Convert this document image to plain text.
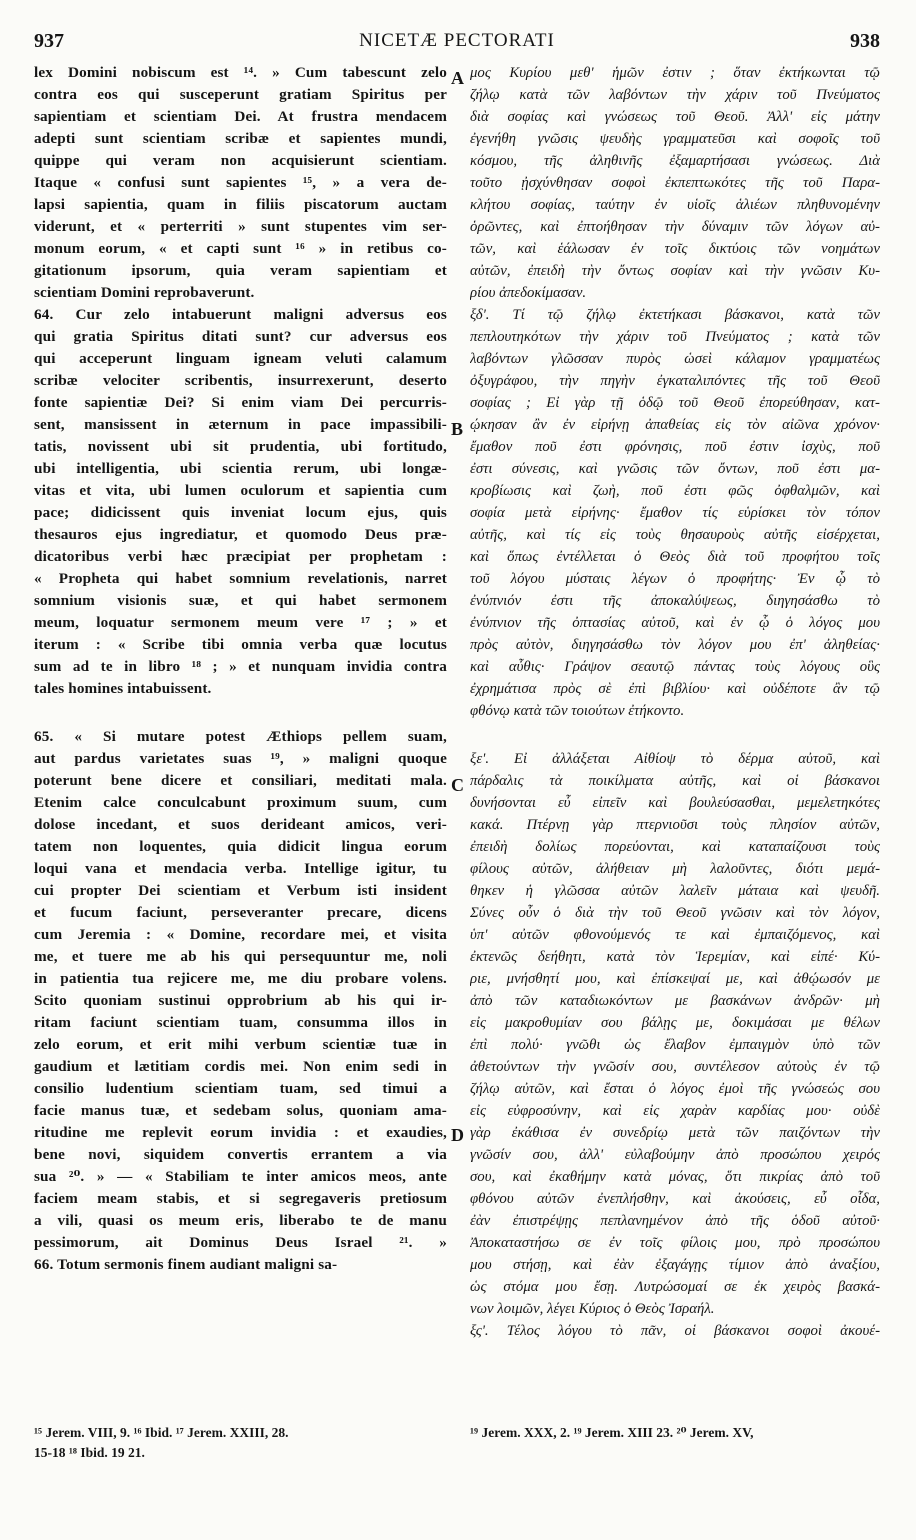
937	NICETÆ PECTORATI	938
lex Domini nobiscum est ¹⁴. » Cum tabescunt zelo
contra eos qui susceperunt gratiam Spiritus per
sapientiam et scientiam Dei. At frustra mendacem
adepti sunt scientiam scribæ et sapientes mundi,
quippe qui veram non acquisierunt scientiam.
Itaque « confusi sunt sapientes ¹⁵, » a vera de-
lapsi sapientia, quam in filiis piscatorum auctam
viderunt, et « perterriti » sunt stupentes vim ser-
monum eorum, « et capti sunt ¹⁶ » in retibus co-
gitationum ipsorum, quia veram sapientiam et
scientiam Domini reprobaverunt.
64. Cur zelo intabuerunt maligni adversus eos
qui gratia Spiritus ditati sunt? cur adversus eos
qui acceperunt linguam igneam veluti calamum
scribæ velociter scribentis, insurrexerunt, deserto
fonte sapientiæ Dei? Si enim viam Dei percurris-
sent, mansissent in æternum in pace impassibili-
tatis, novissent ubi sit prudentia, ubi fortitudo,
ubi intelligentia, ubi scientia rerum, ubi longæ-
vitas et vita, ubi lumen oculorum et sapientia cum
pace; didicissent quis inveniat locum ejus, quis
thesauros ejus ingrediatur, et quomodo Deus præ-
dicatoribus verbi hæc præcipiat per prophetam :
« Propheta qui habet somnium revelationis, narret
somnium visionis suæ, et qui habet sermonem
meum, loquatur sermonem meum vere ¹⁷ ; » et
iterum : « Scribe tibi omnia verba quæ locutus
sum ad te in libro ¹⁸ ; » et nunquam invidia contra
tales homines intabuissent.
65. « Si mutare potest Æthiops pellem suam,
aut pardus varietates suas ¹⁹, » maligni quoque
poterunt bene dicere et consiliari, meditati mala.
Etenim calce conculcabunt proximum suum, cum
dolose incedant, et suos derideant amicos, veri-
tatem non loquentes, quia didicit lingua eorum
loqui vana et mendacia verba. Intellige igitur, tu
cui propter Dei scientiam et Verbum isti insident
et fucum faciunt, perseveranter precare, dicens
cum Jeremia : « Domine, recordare mei, et visita
me, et tuere me ab his qui persequuntur me, noli
in patientia tua rejicere me, me diu probare volens.
Scito quoniam sustinui opprobrium ab his qui ir-
ritam faciunt scientiam tuam, consumma illos in
zelo eorum, et erit mihi verbum scientiæ tuæ in
gaudium et lætitiam cordis mei. Non enim sedi in
consilio ludentium scientiam tuam, sed timui a
facie manus tuæ, et sedebam solus, quoniam ama-
ritudine me replevit eorum invidia : et exaudies,
bene novi, siquidem convertis errantem a via
sua ²⁰. » — « Stabiliam te inter amicos meos, ante
faciem meam stabis, et si segregaveris pretiosum
a vili, quasi os meum eris, liberabo te de manu
pessimorum, ait Dominus Deus Israel ²¹. »
66. Totum sermonis finem audiant maligni sa-
A
B
C
D
μος Κυρίου μεθ' ἡμῶν ἐστιν ; ὅταν ἐκτήκωνται τῷ
ζήλῳ κατὰ τῶν λαβόντων τὴν χάριν τοῦ Πνεύματος
διὰ σοφίας καὶ γνώσεως τοῦ Θεοῦ. Ἀλλ' εἰς μάτην
ἐγενήθη γνῶσις ψευδὴς γραμματεῦσι καὶ σοφοῖς τοῦ
κόσμου, τῆς ἀληθινῆς ἐξαμαρτήσασι γνώσεως. Διὰ
τοῦτο ᾐσχύνθησαν σοφοὶ ἐκπεπτωκότες τῆς τοῦ Παρα-
κλήτου σοφίας, ταύτην ἐν υἱοῖς ἁλιέων πληθυνομένην
ὁρῶντες, καὶ ἐπτοήθησαν τὴν δύναμιν τῶν λόγων αὐ-
τῶν, καὶ ἑάλωσαν ἐν τοῖς δικτύοις τῶν νοημάτων
αὐτῶν, ἐπειδὴ τὴν ὄντως σοφίαν καὶ τὴν γνῶσιν Κυ-
ρίου ἀπεδοκίμασαν.
ξδ'. Τί τῷ ζήλῳ ἐκτετήκασι βάσκανοι, κατὰ τῶν
πεπλουτηκότων τὴν χάριν τοῦ Πνεύματος ; κατὰ τῶν
λαβόντων γλῶσσαν πυρὸς ὡσεὶ κάλαμον γραμματέως
ὀξυγράφου, τὴν πηγὴν ἐγκαταλιπόντες τῆς τοῦ Θεοῦ
σοφίας ; Εἰ γὰρ τῇ ὁδῷ τοῦ Θεοῦ ἐπορεύθησαν, κατ-
ῴκησαν ἂν ἐν εἰρήνῃ ἀπαθείας εἰς τὸν αἰῶνα χρόνον·
ἔμαθον ποῦ ἐστι φρόνησις, ποῦ ἐστιν ἰσχὺς, ποῦ
ἐστι σύνεσις, καὶ γνῶσις τῶν ὄντων, ποῦ ἐστι μα-
κροβίωσις καὶ ζωὴ, ποῦ ἐστι φῶς ὀφθαλμῶν, καὶ
σοφία μετὰ εἰρήνης· ἔμαθον τίς εὑρίσκει τὸν τόπον
αὐτῆς, καὶ τίς εἰς τοὺς θησαυροὺς αὐτῆς εἰσέρχεται,
καὶ ὅπως ἐντέλλεται ὁ Θεὸς διὰ τοῦ προφήτου τοῖς
τοῦ λόγου μύσταις λέγων ὁ προφήτης· Ἐν ᾧ τὸ
ἐνύπνιόν ἐστι τῆς ἀποκαλύψεως, διηγησάσθω τὸ
ἐνύπνιον τῆς ὀπτασίας αὐτοῦ, καὶ ἐν ᾧ ὁ λόγος μου
πρὸς αὐτὸν, διηγησάσθω τὸν λόγον μου ἐπ' ἀληθείας·
καὶ αὖθις· Γράψον σεαυτῷ πάντας τοὺς λόγους οὓς
ἐχρημάτισα πρὸς σὲ ἐπὶ βιβλίου· καὶ οὐδέποτε ἂν τῷ
φθόνῳ κατὰ τῶν τοιούτων ἐτήκοντο.
ξε'. Εἰ ἀλλάξεται Αἰθίοψ τὸ δέρμα αὐτοῦ, καὶ
πάρδαλις τὰ ποικίλματα αὐτῆς, καὶ οἱ βάσκανοι
δυνήσονται εὖ εἰπεῖν καὶ βουλεύσασθαι, μεμελετηκότες
κακά. Πτέρνῃ γὰρ πτερνιοῦσι τοὺς πλησίον αὐτῶν,
ἐπειδὴ δολίως πορεύονται, καὶ καταπαίζουσι τοὺς
φίλους αὐτῶν, ἀλήθειαν μὴ λαλοῦντες, διότι μεμά-
θηκεν ἡ γλῶσσα αὐτῶν λαλεῖν μάταια καὶ ψευδῆ.
Σύνες οὖν ὁ διὰ τὴν τοῦ Θεοῦ γνῶσιν καὶ τὸν λόγον,
ὑπ' αὐτῶν φθονούμενός τε καὶ ἐμπαιζόμενος, καὶ
ἐκτενῶς δεήθητι, κατὰ τὸν Ἱερεμίαν, καὶ εἰπέ· Κύ-
ριε, μνήσθητί μου, καὶ ἐπίσκεψαί με, καὶ ἀθῴωσόν με
ἀπὸ τῶν καταδιωκόντων με βασκάνων ἀνδρῶν· μὴ
εἰς μακροθυμίαν σου βάλῃς με, δοκιμάσαι με θέλων
ἐπὶ πολύ· γνῶθι ὡς ἔλαβον ἐμπαιγμὸν ὑπὸ τῶν
ἀθετούντων τὴν γνῶσίν σου, συντέλεσον αὐτοὺς ἐν τῷ
ζήλῳ αὐτῶν, καὶ ἔσται ὁ λόγος ἐμοὶ τῆς γνώσεώς σου
εἰς εὐφροσύνην, καὶ εἰς χαρὰν καρδίας μου· οὐδὲ
γὰρ ἐκάθισα ἐν συνεδρίῳ μετὰ τῶν παιζόντων τὴν
γνῶσίν σου, ἀλλ' εὐλαβούμην ἀπὸ προσώπου χειρός
σου, καὶ ἐκαθήμην κατὰ μόνας, ὅτι πικρίας ἀπὸ τοῦ
φθόνου αὐτῶν ἐνεπλήσθην, καὶ ἀκούσεις, εὖ οἶδα,
ἐὰν ἐπιστρέψῃς πεπλανημένον ἀπὸ τῆς ὁδοῦ αὐτοῦ·
Ἀποκαταστήσω σε ἐν τοῖς φίλοις μου, πρὸ προσώπου
μου στήσῃ, καὶ ἐὰν ἐξαγάγῃς τίμιον ἀπὸ ἀναξίου,
ὡς στόμα μου ἔσῃ. Λυτρώσομαί σε ἐκ χειρὸς βασκά-
νων λοιμῶν, λέγει Κύριος ὁ Θεὸς Ἰσραήλ.
ξς'. Τέλος λόγου τὸ πᾶν, οἱ βάσκανοι σοφοὶ ἀκουέ-
¹⁵ Jerem. VIII, 9. ¹⁶ Ibid. ¹⁷ Jerem. XXIII, 28.
15-18 ¹⁸ Ibid. 19 21.
¹⁹ Jerem. XXX, 2. ¹⁹ Jerem. XIII 23. ²⁰ Jerem. XV,
